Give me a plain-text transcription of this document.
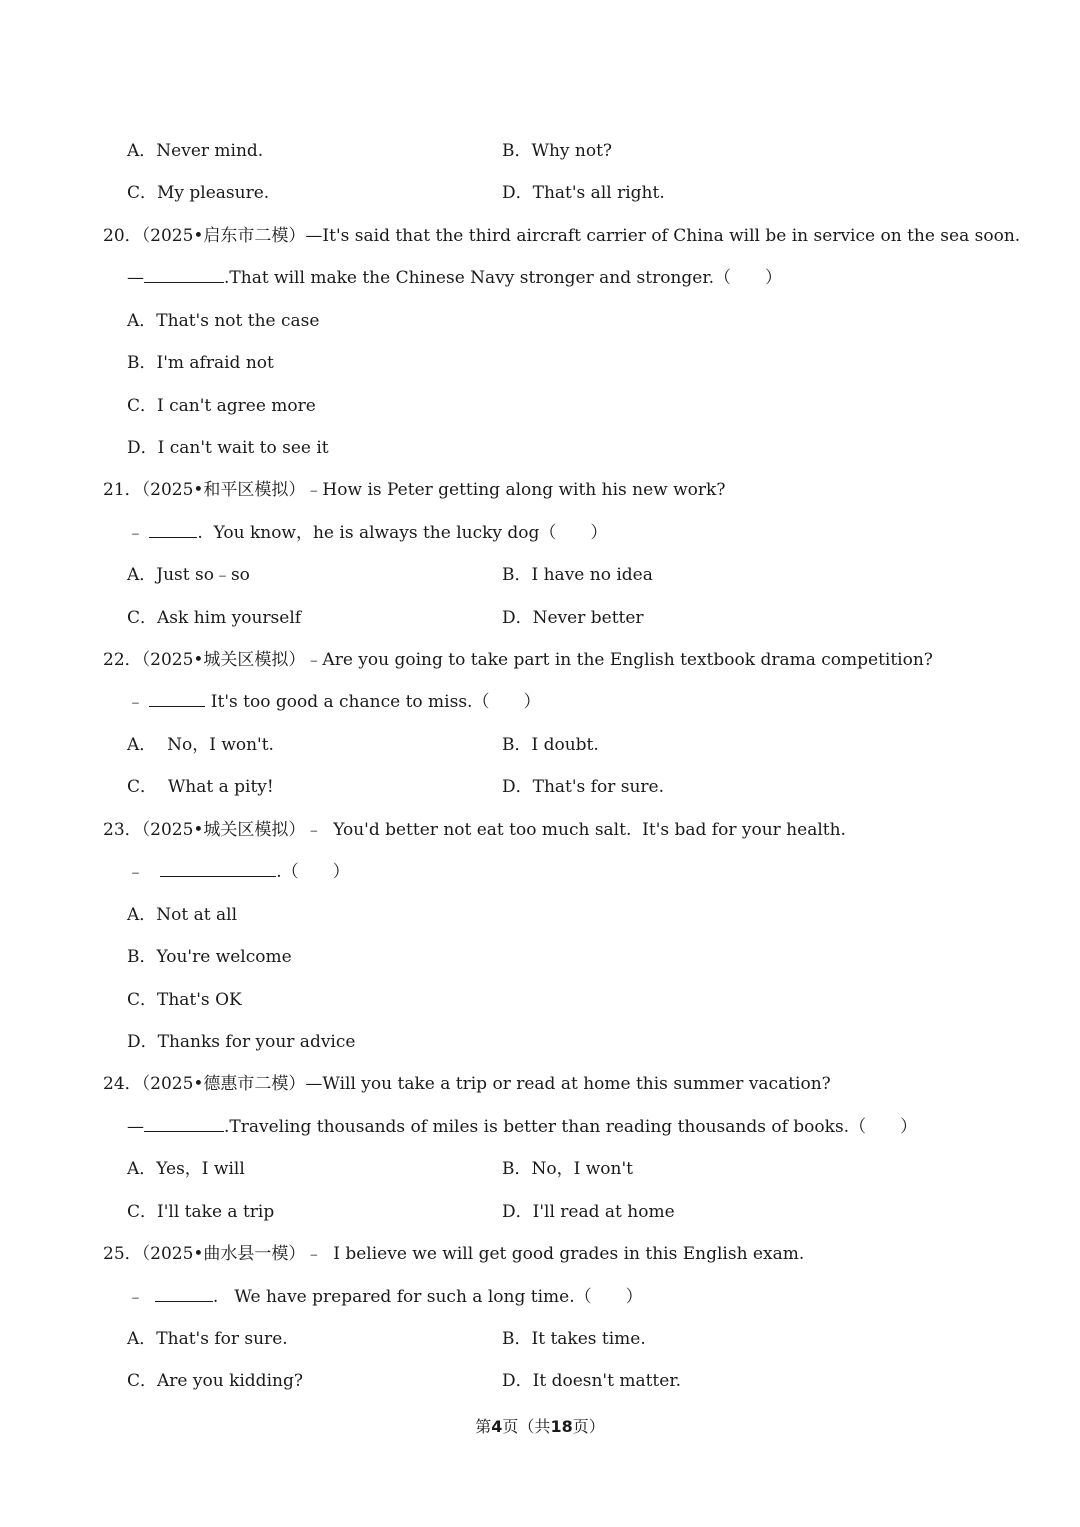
A．Never mind.	B．Why not?
C．My pleasure.	D．That's all right.
20．（2025•启东市二模）—It's said that the third aircraft carrier of China will be in service on the sea soon.
—	.That will make the Chinese Navy stronger and stronger.（　　）
A．That's not the case
B．I'm afraid not
C．I can't agree more
D．I can't wait to see it
21．（2025•和平区模拟）﹣How is Peter getting along with his new work?
﹣	.  You know，he is always the lucky dog（　　）
A．Just so﹣so	B．I have no idea
C．Ask him yourself	D．Never better
22．（2025•城关区模拟）﹣Are you going to take part in the English textbook drama competition?
﹣	It's too good a chance to miss.（　　）
A．  No，I won't.	B．I doubt.
C．  What a pity!	D．That's for sure.
23．（2025•城关区模拟）﹣  You'd better not eat too much salt.  It's bad for your health.
﹣	.（　　）
A．Not at all
B．You're welcome
C．That's OK
D．Thanks for your advice
24．（2025•德惠市二模）—Will you take a trip or read at home this summer vacation?
—	.Traveling thousands of miles is better than reading thousands of books.（　　）
A．Yes，I will	B．No，I won't
C．I'll take a trip	D．I'll read at home
25．（2025•曲水县一模）﹣  I believe we will get good grades in this English exam.
﹣	.   We have prepared for such a long time.（　　）
A．That's for sure.	B．It takes time.
C．Are you kidding?	D．It doesn't matter.
第4页（共18页）
